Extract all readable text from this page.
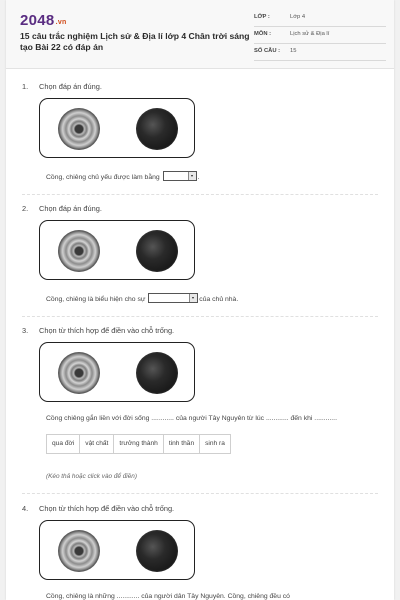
2048.vn
15 câu trắc nghiệm Lịch sử & Địa lí lớp 4 Chân trời sáng tạo Bài 22 có đáp án
LỚP :	Lớp 4
MÔN :	Lịch sử & Địa lí
SỐ CÂU : 15
1. Chọn đáp án đúng.
Cồng, chiêng chủ yếu được làm bằng	.
2. Chọn đáp án đúng.
Cồng, chiêng là biểu hiện cho sự	của chủ nhà.
3. Chọn từ thích hợp để điền vào chỗ trống.
Cồng chiêng gắn liền với đời sống ............ của người Tây Nguyên từ lúc ............ đến khi ............
qua đời	vật chất	trưởng thành	tinh thần	sinh ra
(Kéo thả hoặc click vào để điền)
4. Chọn từ thích hợp để điền vào chỗ trống.
Cồng, chiêng là những ............ của người dân Tây Nguyên. Cồng, chiêng đều có
